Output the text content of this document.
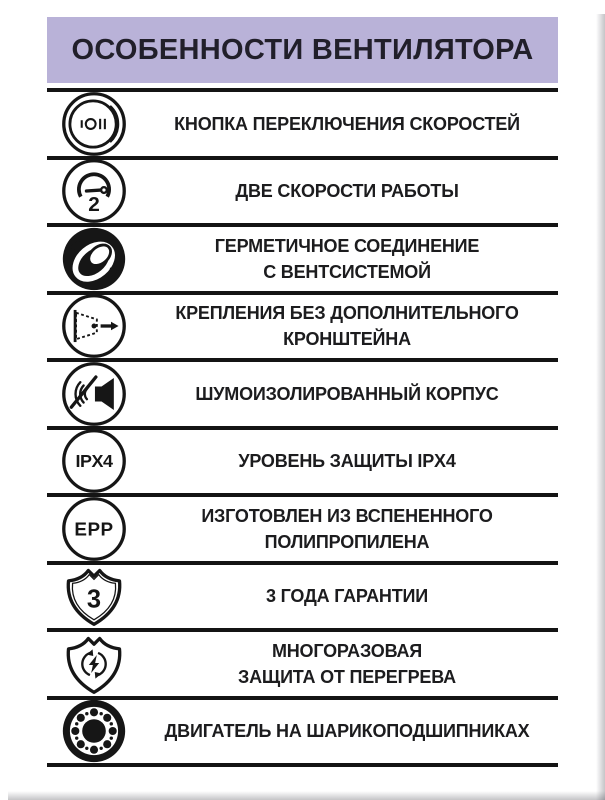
ОСОБЕННОСТИ ВЕНТИЛЯТОРА
КНОПКА ПЕРЕКЛЮЧЕНИЯ СКОРОСТЕЙ
2
ДВЕ СКОРОСТИ РАБОТЫ
ГЕРМЕТИЧНОЕ СОЕДИНЕНИЕ
С ВЕНТСИСТЕМОЙ
КРЕПЛЕНИЯ БЕЗ ДОПОЛНИТЕЛЬНОГО
КРОНШТЕЙНА
ШУМОИЗОЛИРОВАННЫЙ КОРПУС
IPX4	УРОВЕНЬ ЗАЩИТЫ IPX4
EPP
ИЗГОТОВЛЕН ИЗ ВСПЕНЕННОГО
ПОЛИПРОПИЛЕНА
3	3 ГОДА ГАРАНТИИ
МНОГОРАЗОВАЯ
ЗАЩИТА ОТ ПЕРЕГРЕВА
ДВИГАТЕЛЬ НА ШАРИКОПОДШИПНИКАХ
